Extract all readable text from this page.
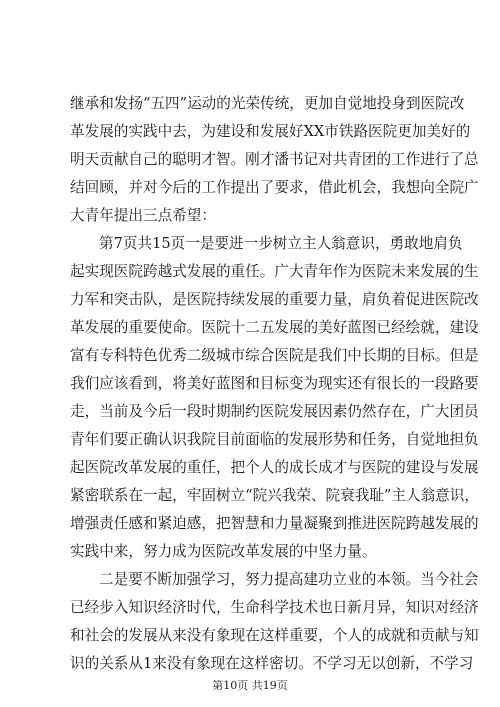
继承和发扬“五四”运动的光荣传统，更加自觉地投身到医院改
革发展的实践中去，为建设和发展好XX市铁路医院更加美好的
明天贡献自己的聪明才智。刚才潘书记对共青团的工作进行了总
结回顾，并对今后的工作提出了要求，借此机会，我想向全院广
大青年提出三点希望：
第7页共15页一是要进一步树立主人翁意识，勇敢地肩负
起实现医院跨越式发展的重任。广大青年作为医院未来发展的生
力军和突击队，是医院持续发展的重要力量，肩负着促进医院改
革发展的重要使命。医院十二五发展的美好蓝图已经绘就，建设
富有专科特色优秀二级城市综合医院是我们中长期的目标。但是
我们应该看到，将美好蓝图和目标变为现实还有很长的一段路要
走，当前及今后一段时期制约医院发展因素仍然存在，广大团员
青年们要正确认识我院目前面临的发展形势和任务，自觉地担负
起医院改革发展的重任，把个人的成长成才与医院的建设与发展
紧密联系在一起，牢固树立“院兴我荣、院衰我耻”主人翁意识，
增强责任感和紧迫感，把智慧和力量凝聚到推进医院跨越发展的
实践中来，努力成为医院改革发展的中坚力量。
二是要不断加强学习，努力提高建功立业的本领。当今社会
已经步入知识经济时代，生命科学技术也日新月异，知识对经济
和社会的发展从来没有象现在这样重要，个人的成就和贡献与知
识的关系从1来没有象现在这样密切。不学习无以创新，不学习
第10页 共19页
